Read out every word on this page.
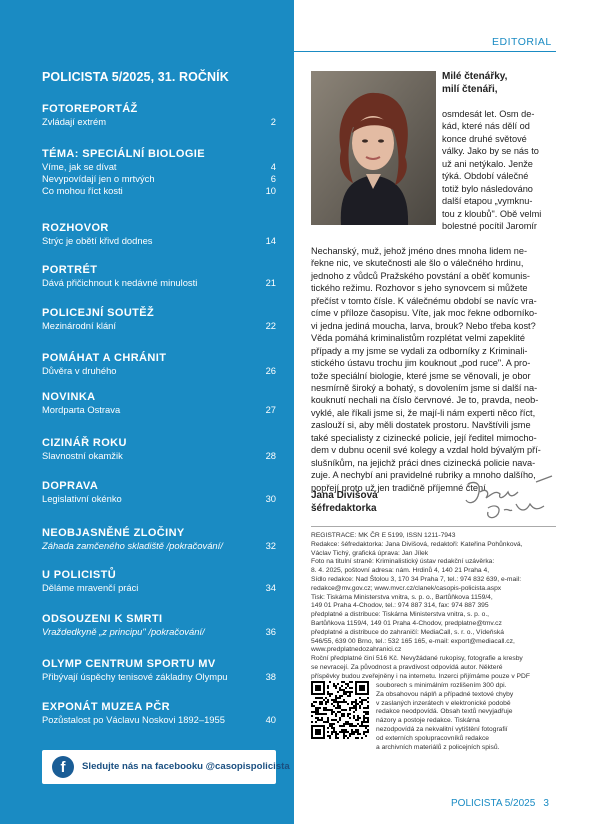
POLICISTA 5/2025, 31. ROČNÍK
FOTOREPORTÁŽ
Zvládají extrém	2
TÉMA: SPECIÁLNÍ BIOLOGIE
Víme, jak se dívat	4
Nevypovídají jen o mrtvých	6
Co mohou říct kosti	10
ROZHOVOR
Strýc je obětí křivd dodnes	14
PORTRÉT
Dává přičichnout k nedávné minulosti	21
POLICEJNÍ SOUTĚŽ
Mezinárodní klání	22
POMÁHAT A CHRÁNIT
Důvěra v druhého	26
NOVINKA
Mordparta Ostrava	27
CIZINÁŘ ROKU
Slavnostní okamžik	28
DOPRAVA
Legislativní okénko	30
NEOBJASNĚNÉ ZLOČINY
Záhada zamčeného skladiště /pokračování/	32
U POLICISTŮ
Děláme mravenčí práci	34
ODSOUZENI K SMRTI
Vraždedkyně „z principu" /pokračování/	36
OLYMP CENTRUM SPORTU MV
Přibývají úspěchy tenisové základny Olympu	38
EXPONÁT MUZEA PČR
Pozůstalost po Václavu Noskovi 1892–1955	40
f	Sledujte nás na facebooku @casopispolicista
EDITORIAL
Milé čtenářky,
milí čtenáři,
osmdesát let. Osm de-
kád, které nás dělí od
konce druhé světové
války. Jako by se nás to
už ani netýkalo. Jenže
týká. Období válečné
totiž bylo následováno
další etapou „vymknu-
tou z kloubů". Obě velmi
bolestné pocítil Jaromír
Nechanský, muž, jehož jméno dnes mnoha lidem ne-
řekne nic, ve skutečnosti ale šlo o válečného hrdinu,
jednoho z vůdců Pražského povstání a oběť komunis-
tického režimu. Rozhovor s jeho synovcem si můžete
přečíst v tomto čísle. K válečnému období se navíc vra-
címe v příloze časopisu. Víte, jak moc řekne odborníko-
vi jedna jediná moucha, larva, brouk? Nebo třeba kost?
Věda pomáhá kriminalistům rozplétat velmi zapeklité
případy a my jsme se vydali za odborníky z Kriminali-
stického ústavu trochu jim kouknout „pod ruce". A pro-
tože speciální biologie, které jsme se věnovali, je obor
nesmírně široký a bohatý, s dovolením jsme si další na-
kouknutí nechali na číslo červnové. Je to, pravda, neob-
vyklé, ale říkali jsme si, že mají-li nám experti něco říct,
zaslouží si, aby měli dostatek prostoru. Navštívili jsme
také specialisty z cizinecké policie, její ředitel mimocho-
dem v dubnu ocenil své kolegy a vzdal hold bývalým pří-
slušníkům, na jejichž práci dnes cizinecká policie nava-
zuje. A nechybí ani pravidelné rubriky a mnoho dalšího,
popřejí proto už jen tradičně příjemné čtení
Jana Divišová
šéfredaktorka
REGISTRACE: MK ČR E 5199, ISSN 1211-7943
Redakce: šéfredaktorka: Jana Divišová, redaktoři: Kateřina Pohůnková,
Václav Tichý, grafická úprava: Jan Jílek
Foto na titulní straně: Kriminalistický ústav redakční uzávěrka:
8. 4. 2025, poštovní adresa: nám. Hrdinů 4, 140 21 Praha 4,
Sídlo redakce: Nad Štolou 3, 170 34 Praha 7, tel.: 974 832 639, e-mail:
redakce@mv.gov.cz; www.mvcr.cz/clanek/casopis-policista.aspx
Tisk: Tiskárna Ministerstva vnitra, s. p. o., Bartůňkova 1159/4,
149 01 Praha 4-Chodov, tel.: 974 887 314, fax: 974 887 395
předplatné a distribuce: Tiskárna Ministerstva vnitra, s. p. o.,
Bartůňkova 1159/4, 149 01 Praha 4-Chodov, predplatne@tmv.cz
předplatné a distribuce do zahraničí: MediaCall, s. r. o., Vídeňská
546/55, 639 00 Brno, tel.: 532 165 165, e-mail: export@mediacall.cz,
www.predplatnedozahranici.cz
Roční předplatné činí 516 Kč. Nevyžádané rukopisy, fotografie a kresby
se nevracejí. Za původnost a pravdivost odpovídá autor. Některé
příspěvky budou zveřejněny i na internetu. Inzerci přijímáme pouze v PDF
souborech s minimálním rozlišením 300 dpi.
Za obsahovou náplň a případné textové chyby
v zaslaných inzerátech v elektronické podobě
redakce neodpovídá. Obsah textů nevyjadřuje
názory a postoje redakce. Tiskárna
nezodpovídá za nekvalitní vytištění fotografií
od externích spolupracovníků redakce
a archivních materiálů z policejních spisů.
POLICISTA 5/2025 3
